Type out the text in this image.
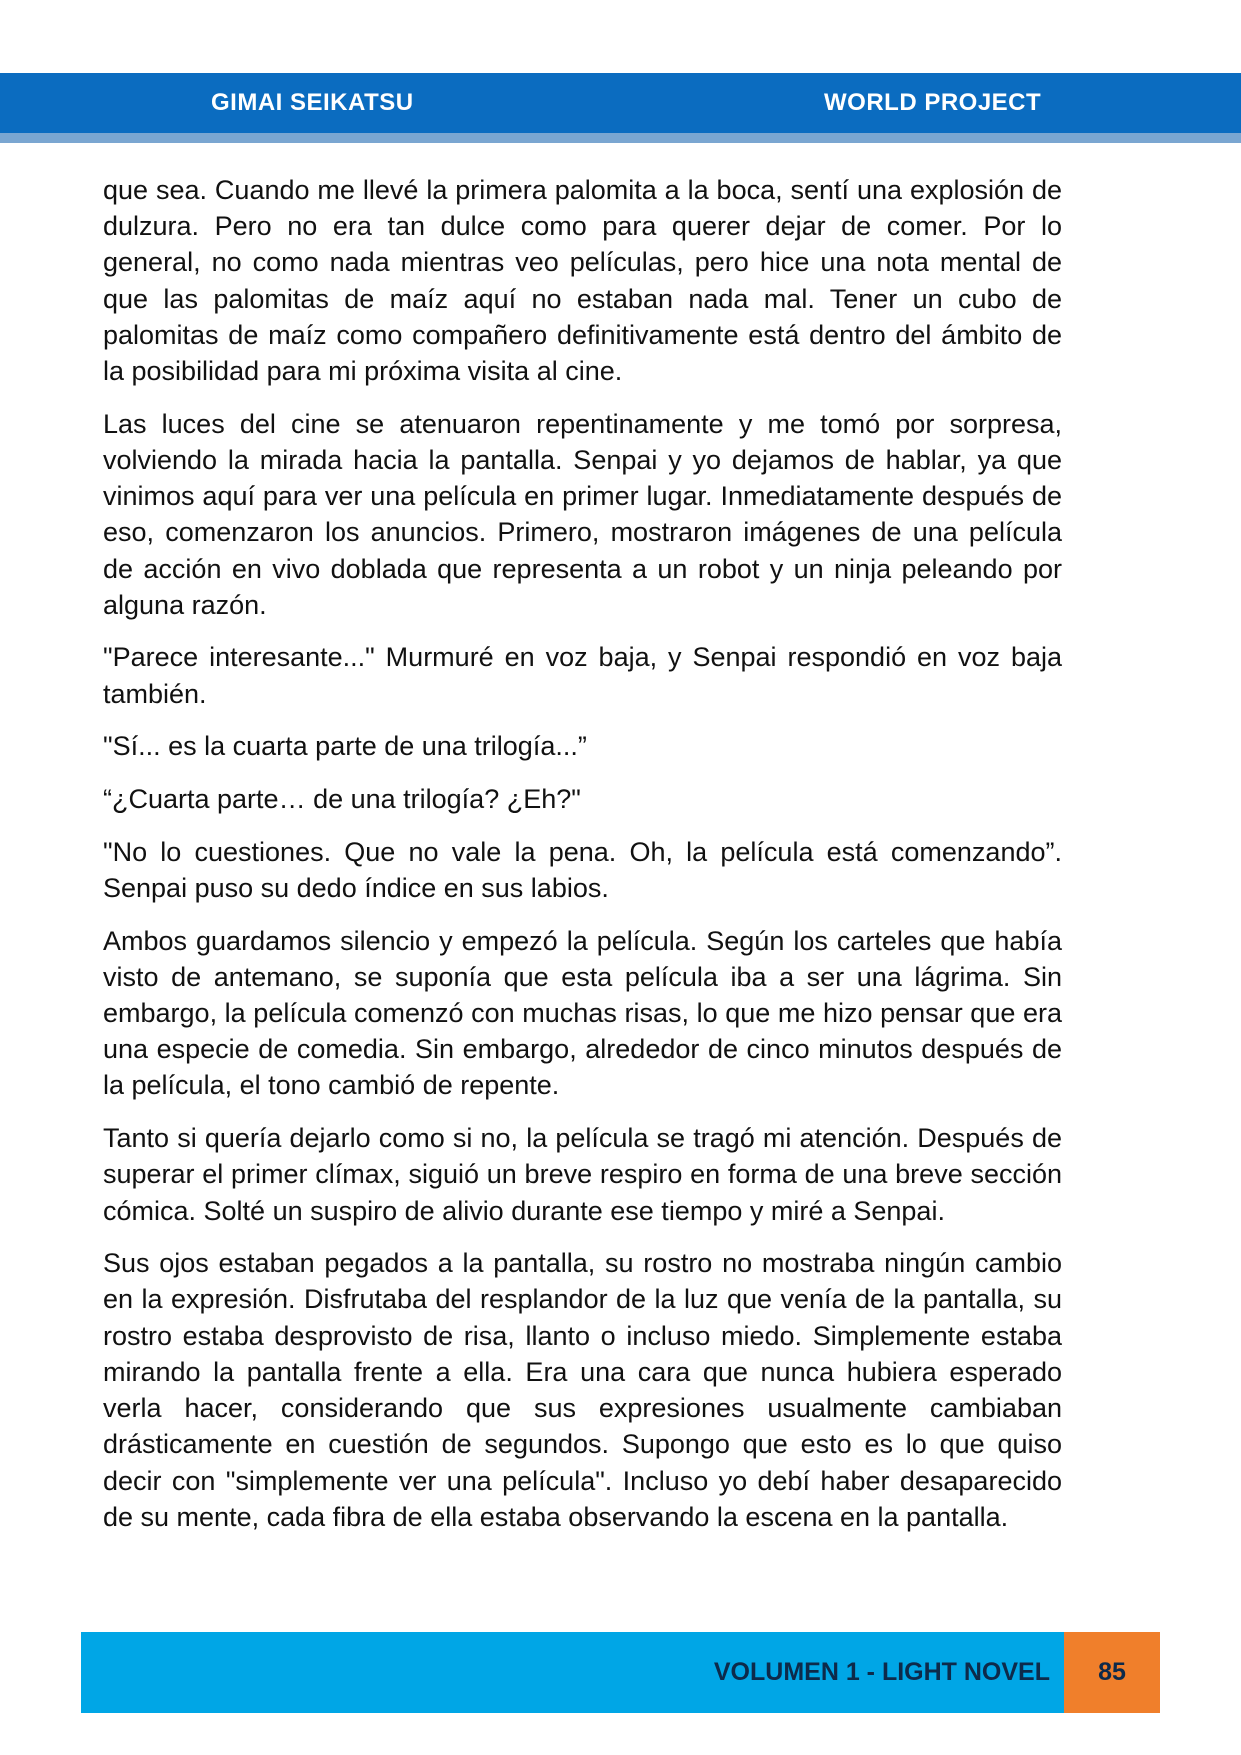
GIMAI SEIKATSU	WORLD PROJECT

que sea. Cuando me llevé la primera palomita a la boca, sentí una explosión de dulzura. Pero no era tan dulce como para querer dejar de comer. Por lo general, no como nada mientras veo películas, pero hice una nota mental de que las palomitas de maíz aquí no estaban nada mal. Tener un cubo de palomitas de maíz como compañero definitivamente está dentro del ámbito de la posibilidad para mi próxima visita al cine.

Las luces del cine se atenuaron repentinamente y me tomó por sorpresa, volviendo la mirada hacia la pantalla. Senpai y yo dejamos de hablar, ya que vinimos aquí para ver una película en primer lugar. Inmediatamente después de eso, comenzaron los anuncios. Primero, mostraron imágenes de una película de acción en vivo doblada que representa a un robot y un ninja peleando por alguna razón.

"Parece interesante..." Murmuré en voz baja, y Senpai respondió en voz baja también.

"Sí... es la cuarta parte de una trilogía...”

“¿Cuarta parte… de una trilogía? ¿Eh?"

"No lo cuestiones. Que no vale la pena. Oh, la película está comenzando”. Senpai puso su dedo índice en sus labios.

Ambos guardamos silencio y empezó la película. Según los carteles que había visto de antemano, se suponía que esta película iba a ser una lágrima. Sin embargo, la película comenzó con muchas risas, lo que me hizo pensar que era una especie de comedia. Sin embargo, alrededor de cinco minutos después de la película, el tono cambió de repente.

Tanto si quería dejarlo como si no, la película se tragó mi atención. Después de superar el primer clímax, siguió un breve respiro en forma de una breve sección cómica. Solté un suspiro de alivio durante ese tiempo y miré a Senpai.

Sus ojos estaban pegados a la pantalla, su rostro no mostraba ningún cambio en la expresión. Disfrutaba del resplandor de la luz que venía de la pantalla, su rostro estaba desprovisto de risa, llanto o incluso miedo. Simplemente estaba mirando la pantalla frente a ella. Era una cara que nunca hubiera esperado verla hacer, considerando que sus expresiones usualmente cambiaban drásticamente en cuestión de segundos. Supongo que esto es lo que quiso decir con "simplemente ver una película". Incluso yo debí haber desaparecido de su mente, cada fibra de ella estaba observando la escena en la pantalla.

VOLUMEN 1 - LIGHT NOVEL	85
